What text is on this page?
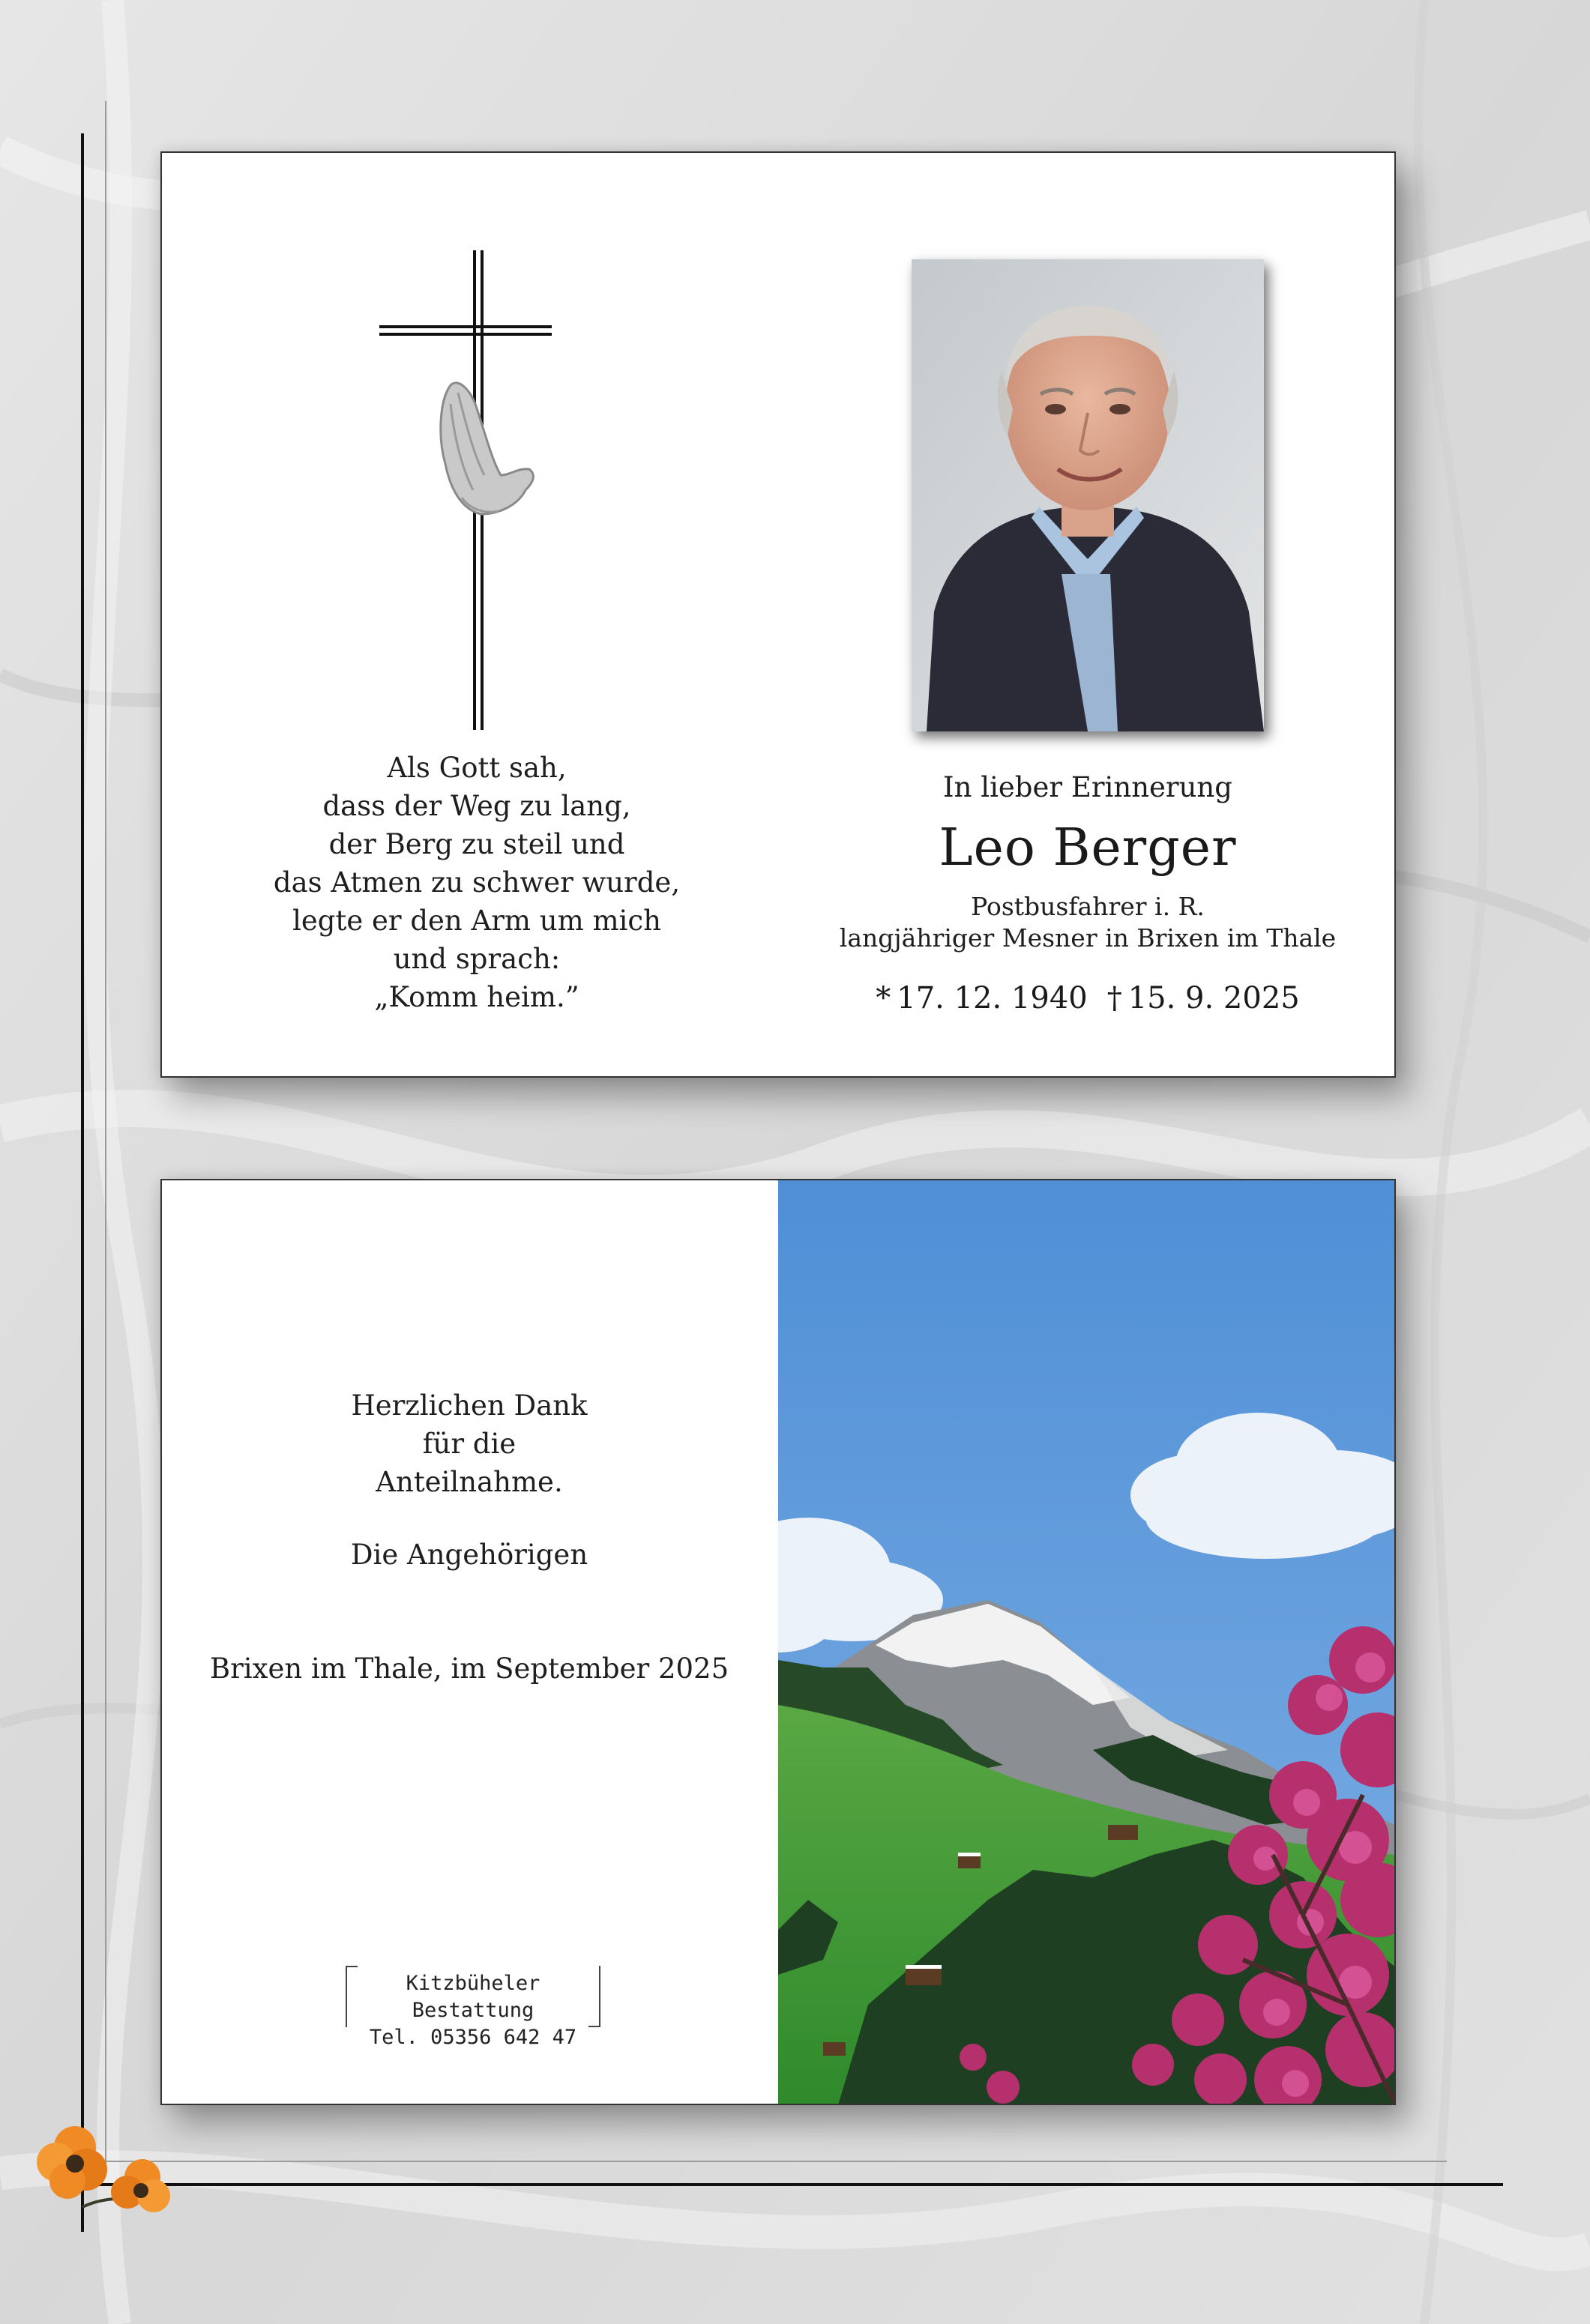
Als Gott sah,
dass der Weg zu lang,
der Berg zu steil und
das Atmen zu schwer wurde,
legte er den Arm um mich
und sprach:
„Komm heim.”
In lieber Erinnerung
Leo Berger
Postbusfahrer i. R.
langjähriger Mesner in Brixen im Thale
* 17. 12. 1940 † 15. 9. 2025
Herzlichen Dank
für die
Anteilnahme.
Die Angehörigen
Brixen im Thale, im September 2025
Kitzbüheler Bestattung
Tel. 05356 642 47
